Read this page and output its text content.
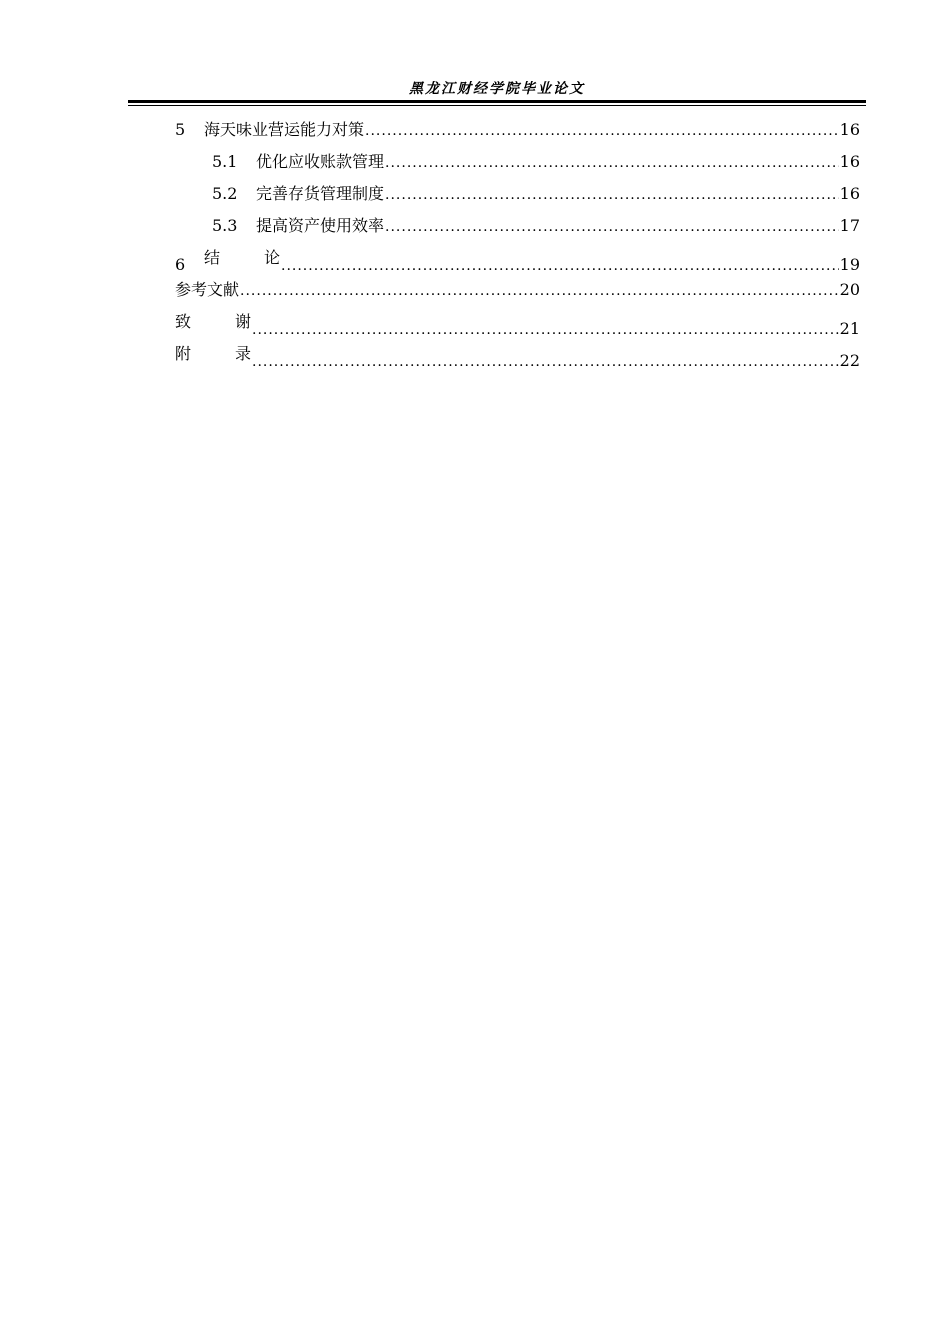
黑龙江财经学院毕业论文
5	海天味业营运能力对策 .....	16
5.1	优化应收账款管理 .....	16
5.2	完善存货管理制度 .....	16
5.3	提高资产使用效率 .....	17
6	结	论 .....	19
参考文献 .....	20
致	谢 .....	21
附	录 .....	22
